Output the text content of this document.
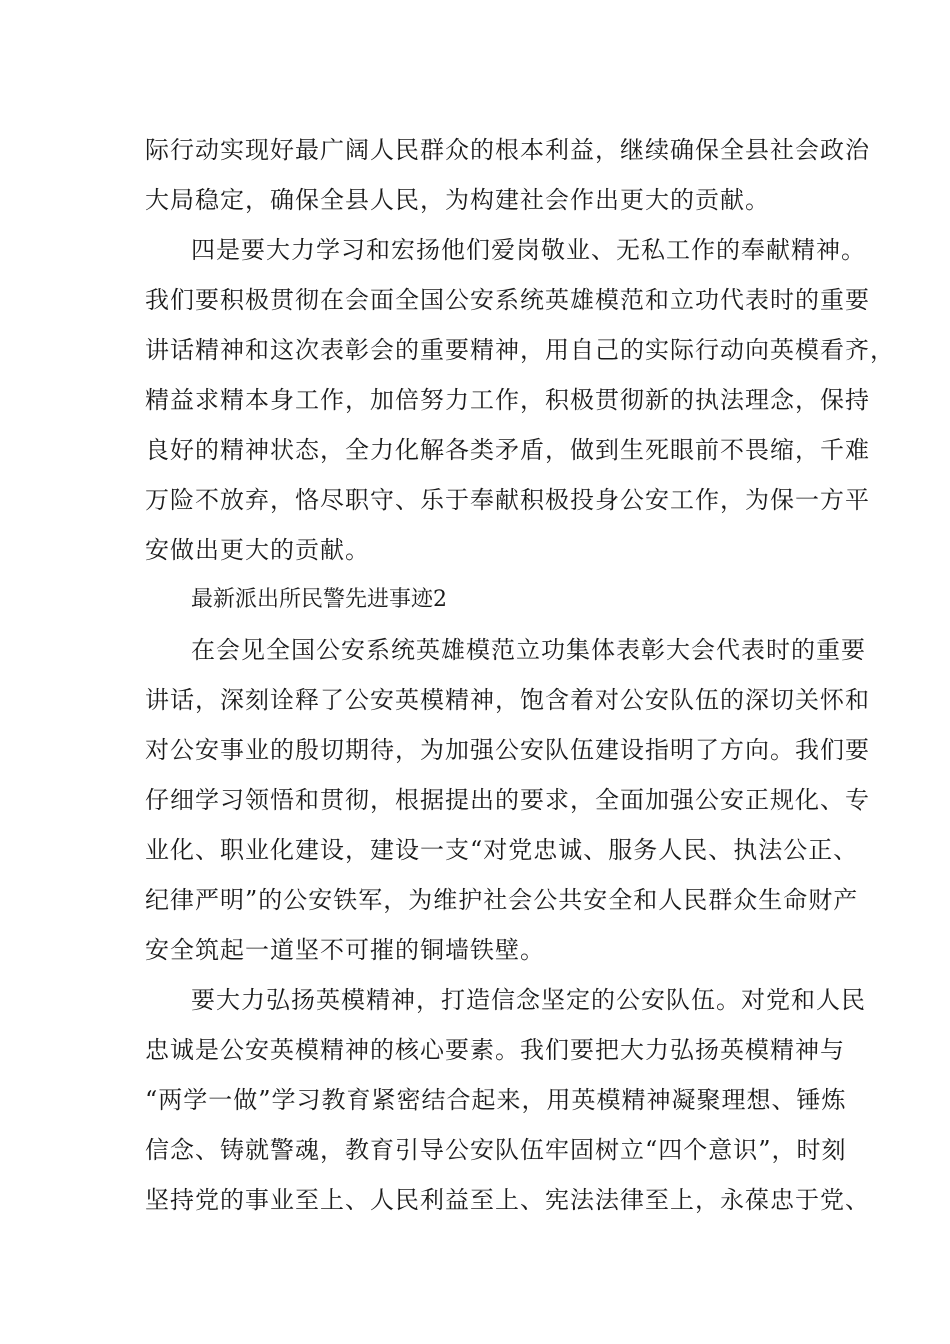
际行动实现好最广阔人民群众的根本利益，继续确保全县社会政治
大局稳定，确保全县人民，为构建社会作出更大的贡献。
四是要大力学习和宏扬他们爱岗敬业、无私工作的奉献精神。
我们要积极贯彻在会面全国公安系统英雄模范和立功代表时的重要
讲话精神和这次表彰会的重要精神，用自己的实际行动向英模看齐，
精益求精本身工作，加倍努力工作，积极贯彻新的执法理念，保持
良好的精神状态，全力化解各类矛盾，做到生死眼前不畏缩，千难
万险不放弃，恪尽职守、乐于奉献积极投身公安工作，为保一方平
安做出更大的贡献。
最新派出所民警先进事迹2
在会见全国公安系统英雄模范立功集体表彰大会代表时的重要
讲话，深刻诠释了公安英模精神，饱含着对公安队伍的深切关怀和
对公安事业的殷切期待，为加强公安队伍建设指明了方向。我们要
仔细学习领悟和贯彻，根据提出的要求，全面加强公安正规化、专
业化、职业化建设，建设一支“对党忠诚、服务人民、执法公正、
纪律严明”的公安铁军，为维护社会公共安全和人民群众生命财产
安全筑起一道坚不可摧的铜墙铁壁。
要大力弘扬英模精神，打造信念坚定的公安队伍。对党和人民
忠诚是公安英模精神的核心要素。我们要把大力弘扬英模精神与
“两学一做”学习教育紧密结合起来，用英模精神凝聚理想、锤炼
信念、铸就警魂，教育引导公安队伍牢固树立“四个意识”，时刻
坚持党的事业至上、人民利益至上、宪法法律至上，永葆忠于党、
